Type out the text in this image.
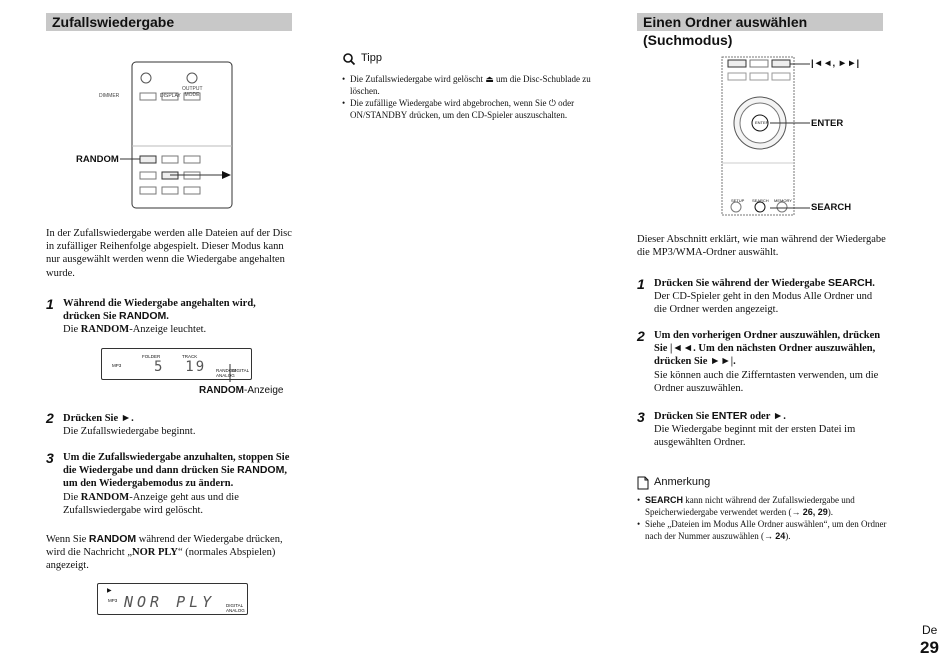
Zufallswiedergabe
DIMMER	DISPLAY
OUTPUT MODE
RANDOM
In der Zufallswiedergabe werden alle Dateien auf der Disc in zufälliger Reihenfolge abgespielt. Dieser Modus kann nur ausgewählt werden wenn die Wiedergabe angehalten wurde.
1 Während die Wiedergabe angehalten wird, drücken Sie RANDOM.
Die RANDOM-Anzeige leuchtet.
MP3
FOLDER	TRACK
5  19 RANDOM
DIGITAL
ANALOG
RANDOM-Anzeige
2 Drücken Sie ►.
Die Zufallswiedergabe beginnt.
3 Um die Zufallswiedergabe anzuhalten, stoppen Sie die Wiedergabe und dann drücken Sie RANDOM, um den Wiedergabemodus zu ändern.
Die RANDOM-Anzeige geht aus und die Zufallswiedergabe wird gelöscht.
Wenn Sie RANDOM während der Wiedergabe drücken, wird die Nachricht „NOR PLY“ (normales Abspielen) angezeigt.
▶
MP3 NOR PLY DIGITAL
ANALOG
Tipp
• Die Zufallswiedergabe wird gelöscht ⏏ um die Disc-Schublade zu löschen.
• Die zufällige Wiedergabe wird abgebrochen, wenn Sie ⏻ oder ON/STANDBY drücken, um den CD-Spieler auszuschalten.
Einen Ordner auswählen (Suchmodus)
ENTER
SETUP SEARCH MEMORY
|◄◄, ►►|
ENTER
SEARCH
Dieser Abschnitt erklärt, wie man während der Wiedergabe die MP3/WMA-Ordner auswählt.
1 Drücken Sie während der Wiedergabe SEARCH.
Der CD-Spieler geht in den Modus Alle Ordner und die Ordner werden angezeigt.
2 Um den vorherigen Ordner auszuwählen, drücken Sie |◄◄. Um den nächsten Ordner auszuwählen, drücken Sie ►►|.
Sie können auch die Zifferntasten verwenden, um die Ordner auszuwählen.
3 Drücken Sie ENTER oder ►.
Die Wiedergabe beginnt mit der ersten Datei im ausgewählten Ordner.
Anmerkung
• SEARCH kann nicht während der Zufallswiedergabe und Speicherwiedergabe verwendet werden (→ 26, 29).
• Siehe „Dateien im Modus Alle Ordner auswählen“, um den Ordner nach der Nummer auszuwählen (→ 24).
De
29
